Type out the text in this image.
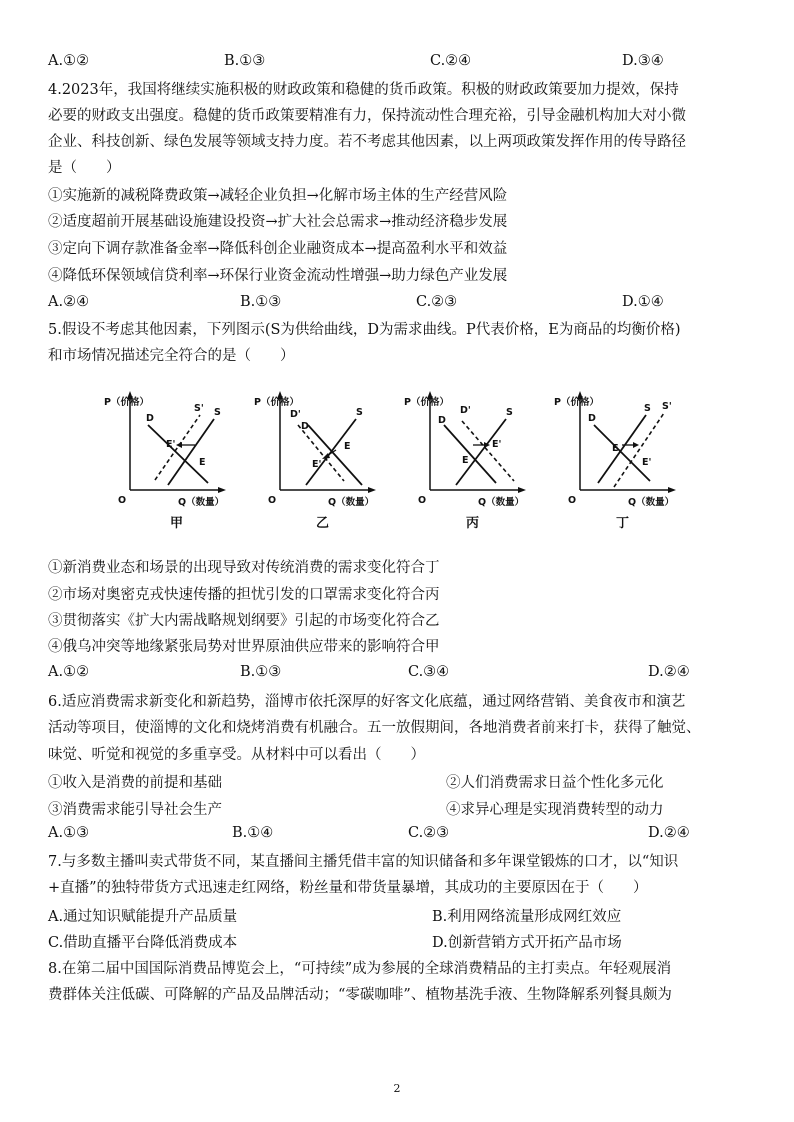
A.①②	B.①③	C.②④	D.③④
4.2023年，我国将继续实施积极的财政政策和稳健的货币政策。积极的财政政策要加力提效，保持
必要的财政支出强度。稳健的货币政策要精准有力，保持流动性合理充裕，引导金融机构加大对小微
企业、科技创新、绿色发展等领域支持力度。若不考虑其他因素，以上两项政策发挥作用的传导路径
是（　　）
①实施新的减税降费政策→减轻企业负担→化解市场主体的生产经营风险
②适度超前开展基础设施建设投资→扩大社会总需求→推动经济稳步发展
③定向下调存款准备金率→降低科创企业融资成本→提高盈利水平和效益
④降低环保领域信贷利率→环保行业资金流动性增强→助力绿色产业发展
A.②④	B.①③	C.②③	D.①④
5.假设不考虑其他因素，下列图示(S为供给曲线，D为需求曲线。P代表价格，E为商品的均衡价格)
和市场情况描述完全符合的是（　　）
P（价格）
Q（数量）
O
D
S' S
E'
E
甲
P（价格）
Q（数量）
O
D'
D
S
E'
E
乙
P（价格）
Q（数量）
O
D
D'	S
E
E'
丙
P（价格）
Q（数量）
O
D
S S'
E
E'
丁
①新消费业态和场景的出现导致对传统消费的需求变化符合丁
②市场对奥密克戎快速传播的担忧引发的口罩需求变化符合丙
③贯彻落实《扩大内需战略规划纲要》引起的市场变化符合乙
④俄乌冲突等地缘紧张局势对世界原油供应带来的影响符合甲
A.①②	B.①③	C.③④	D.②④
6.适应消费需求新变化和新趋势，淄博市依托深厚的好客文化底蕴，通过网络营销、美食夜市和演艺
活动等项目，使淄博的文化和烧烤消费有机融合。五一放假期间，各地消费者前来打卡，获得了触觉、
味觉、听觉和视觉的多重享受。从材料中可以看出（　　）
①收入是消费的前提和基础	②人们消费需求日益个性化多元化
③消费需求能引导社会生产	④求异心理是实现消费转型的动力
A.①③	B.①④	C.②③	D.②④
7.与多数主播叫卖式带货不同，某直播间主播凭借丰富的知识储备和多年课堂锻炼的口才，以“知识
+直播”的独特带货方式迅速走红网络，粉丝量和带货量暴增，其成功的主要原因在于（　　）
A.通过知识赋能提升产品质量	B.利用网络流量形成网红效应
C.借助直播平台降低消费成本	D.创新营销方式开拓产品市场
8.在第二届中国国际消费品博览会上，“可持续”成为参展的全球消费精品的主打卖点。年轻观展消
费群体关注低碳、可降解的产品及品牌活动；“零碳咖啡”、植物基洗手液、生物降解系列餐具颇为
2
